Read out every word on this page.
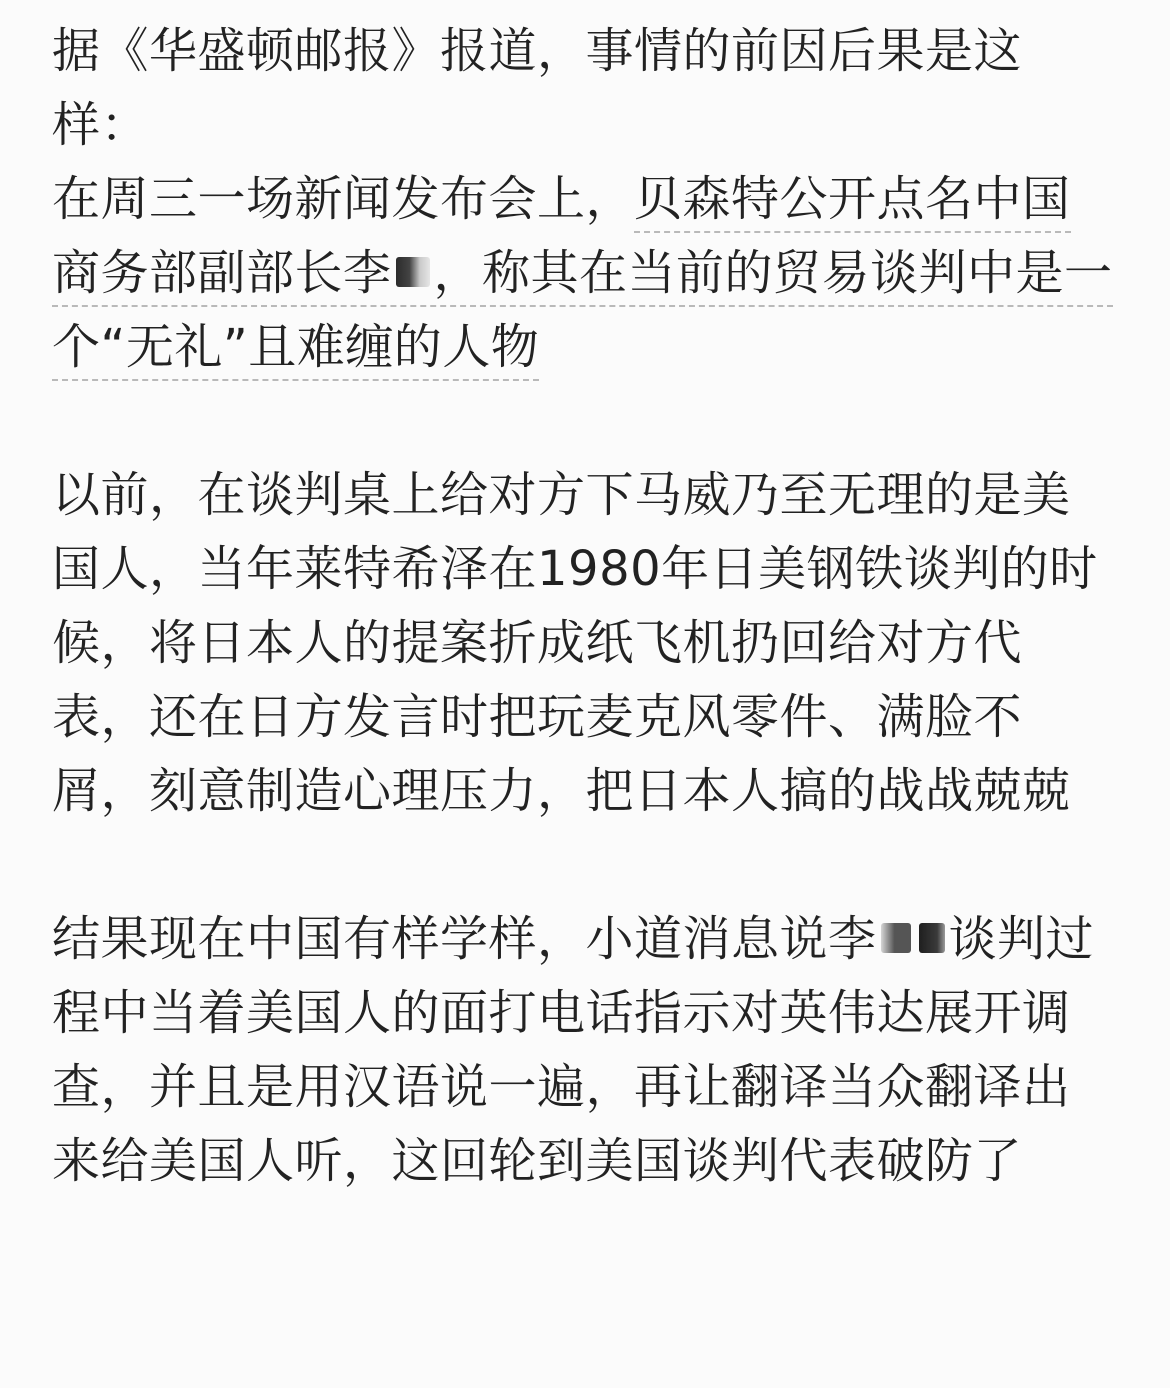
据《华盛顿邮报》报道，事情的前因后果是这样：
在周三一场新闻发布会上，贝森特公开点名中国商务部副部长李 ，称其在当前的贸易谈判中是一个“无礼”且难缠的人物

以前，在谈判桌上给对方下马威乃至无理的是美国人，当年莱特希泽在1980年日美钢铁谈判的时候，将日本人的提案折成纸飞机扔回给对方代表，还在日方发言时把玩麦克风零件、满脸不屑，刻意制造心理压力，把日本人搞的战战兢兢

结果现在中国有样学样，小道消息说李 谈判过程中当着美国人的面打电话指示对英伟达展开调查，并且是用汉语说一遍，再让翻译当众翻译出来给美国人听，这回轮到美国谈判代表破防了
